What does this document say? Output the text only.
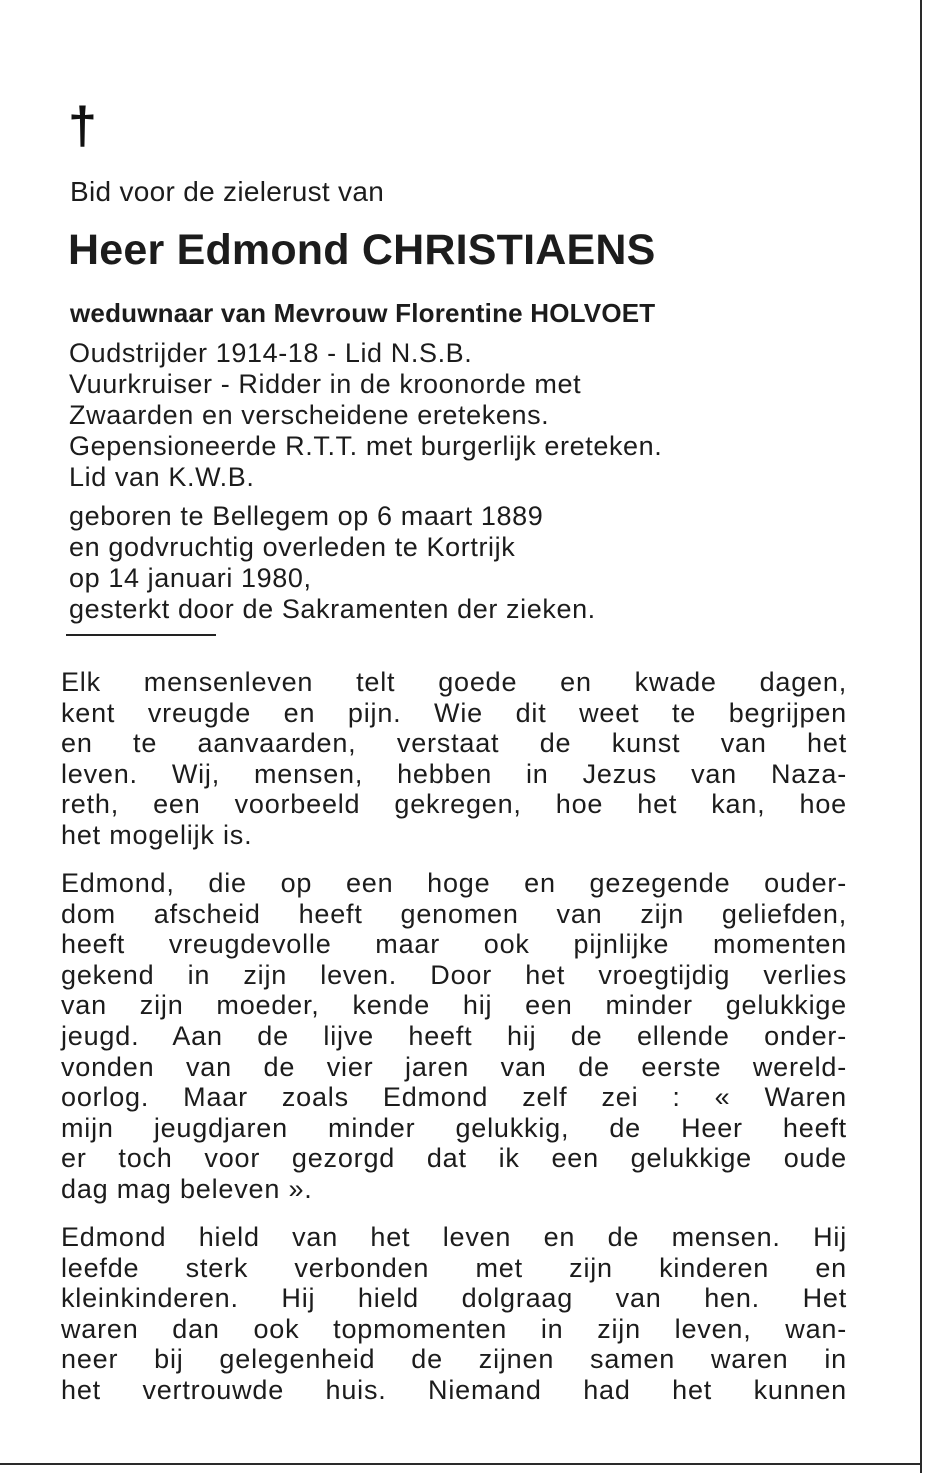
†

Bid voor de zielerust van

Heer Edmond CHRISTIAENS

weduwnaar van Mevrouw Florentine HOLVOET

Oudstrijder 1914-18 - Lid N.S.B.
Vuurkruiser - Ridder in de kroonorde met
Zwaarden en verscheidene eretekens.
Gepensioneerde R.T.T. met burgerlijk ereteken.
Lid van K.W.B.
geboren te Bellegem op 6 maart 1889
en godvruchtig overleden te Kortrijk
op 14 januari 1980,
gesterkt door de Sakramenten der zieken.
Elk mensenleven telt goede en kwade dagen,
kent vreugde en pijn. Wie dit weet te begrijpen
en te aanvaarden, verstaat de kunst van het
leven. Wij, mensen, hebben in Jezus van Naza-
reth, een voorbeeld gekregen, hoe het kan, hoe
het mogelijk is.
Edmond, die op een hoge en gezegende ouder-
dom afscheid heeft genomen van zijn geliefden,
heeft vreugdevolle maar ook pijnlijke momenten
gekend in zijn leven. Door het vroegtijdig verlies
van zijn moeder, kende hij een minder gelukkige
jeugd. Aan de lijve heeft hij de ellende onder-
vonden van de vier jaren van de eerste wereld-
oorlog. Maar zoals Edmond zelf zei : « Waren
mijn jeugdjaren minder gelukkig, de Heer heeft
er toch voor gezorgd dat ik een gelukkige oude
dag mag beleven ».
Edmond hield van het leven en de mensen. Hij
leefde sterk verbonden met zijn kinderen en
kleinkinderen. Hij hield dolgraag van hen. Het
waren dan ook topmomenten in zijn leven, wan-
neer bij gelegenheid de zijnen samen waren in
het vertrouwde huis. Niemand had het kunnen
